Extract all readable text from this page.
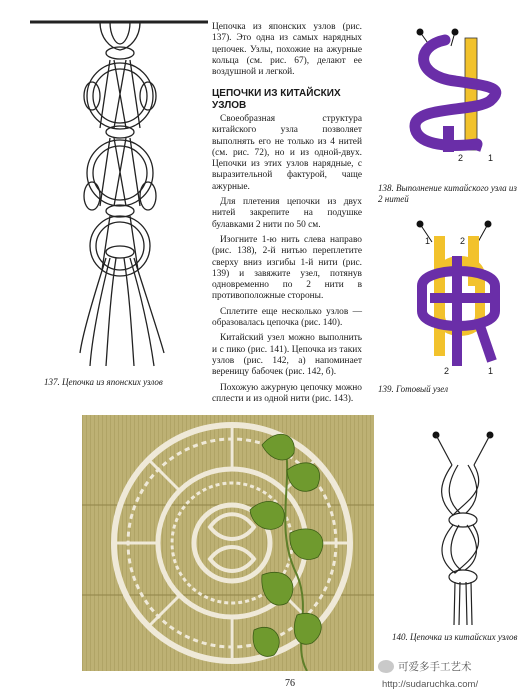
137. Цепочка из японских узлов
Цепочка из японских узлов (рис. 137). Это одна из самых нарядных цепочек. Узлы, похожие на ажурные кольца (см. рис. 67), делают ее воздушной и легкой.
ЦЕПОЧКИ ИЗ КИТАЙСКИХ УЗЛОВ

Своеобразная структура китайского узла позволяет выполнять его не только из 4 нитей (см. рис. 72), но и из одной-двух. Цепочки из этих узлов нарядные, с выразительной фактурой, чаще ажурные.

Для плетения цепочки из двух нитей закрепите на подушке булавками 2 нити по 50 см.

Изогните 1-ю нить слева направо (рис. 138), 2-й нитью переплетите сверху вниз изгибы 1-й нити (рис. 139) и завяжите узел, потянув одновременно по 2 нити в противоположные стороны.

Сплетите еще несколько узлов — образовалась цепочка (рис. 140).

Китайский узел можно выполнить и с пико (рис. 141). Цепочка из таких узлов (рис. 142, а) напоминает вереницу бабочек (рис. 142, б).

Похожую ажурную цепочку можно сплести и из одной нити (рис. 143).

2	1
138. Выполнение китайского узла из 2 нитей
1	2
2	1
139. Готовый узел
140. Цепочка из китайских узлов
76
可爱多手工艺术
http://sudaruchka.com/
